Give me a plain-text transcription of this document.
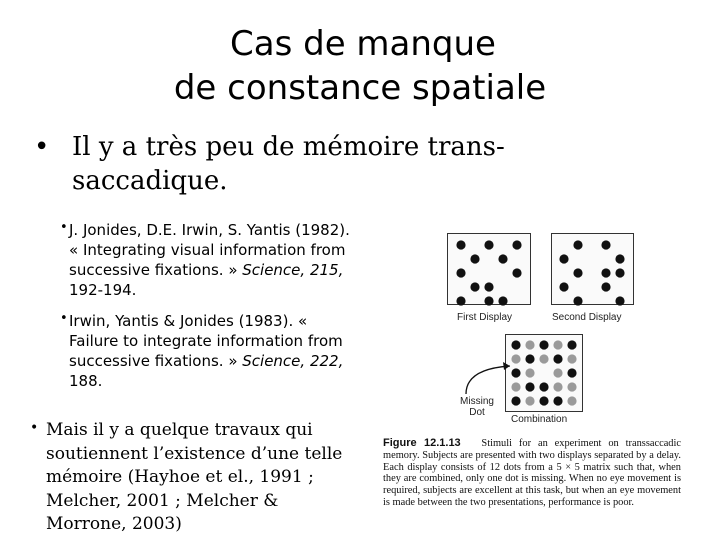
Cas de manque
de constance spatiale
• Il y a très peu de mémoire trans-saccadique.
• J. Jonides, D.E. Irwin, S. Yantis (1982). « Integrating visual information from successive fixations. » Science, 215, 192-194.
• Irwin, Yantis & Jonides (1983). « Failure to integrate information from successive fixations. » Science, 222, 188.
• Mais il y a quelque travaux qui soutiennent l’existence d’une telle mémoire (Hayhoe et el., 1991 ; Melcher, 2001 ; Melcher & Morrone, 2003)
First Display	Second Display
Missing Dot
Combination
Figure 12.1.13 Stimuli for an experiment on transsaccadic memory. Subjects are presented with two displays separated by a delay. Each display consists of 12 dots from a 5 × 5 matrix such that, when they are combined, only one dot is missing. When no eye movement is required, subjects are excellent at this task, but when an eye movement is made between the two presentations, performance is poor.
